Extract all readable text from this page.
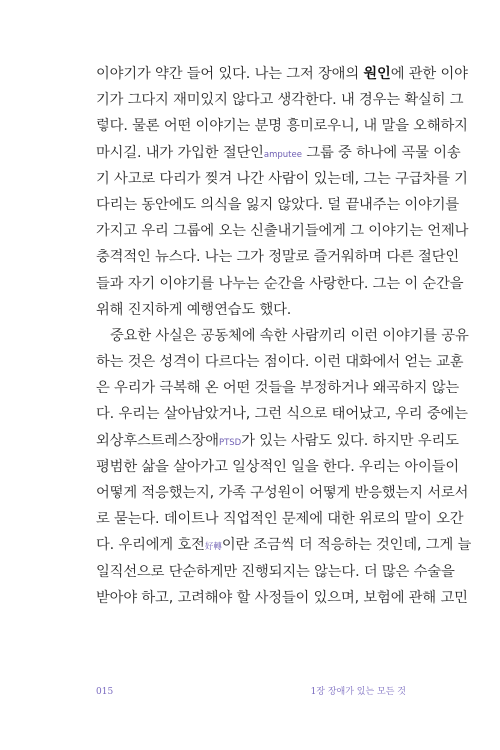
이야기가 약간 들어 있다. 나는 그저 장애의 원인에 관한 이야
기가 그다지 재미있지 않다고 생각한다. 내 경우는 확실히 그
렇다. 물론 어떤 이야기는 분명 흥미로우니, 내 말을 오해하지
마시길. 내가 가입한 절단인amputee 그룹 중 하나에 곡물 이송
기 사고로 다리가 찢겨 나간 사람이 있는데, 그는 구급차를 기
다리는 동안에도 의식을 잃지 않았다. 덜 끝내주는 이야기를
가지고 우리 그룹에 오는 신출내기들에게 그 이야기는 언제나
충격적인 뉴스다. 나는 그가 정말로 즐거워하며 다른 절단인
들과 자기 이야기를 나누는 순간을 사랑한다. 그는 이 순간을
위해 진지하게 예행연습도 했다.
중요한 사실은 공동체에 속한 사람끼리 이런 이야기를 공유
하는 것은 성격이 다르다는 점이다. 이런 대화에서 얻는 교훈
은 우리가 극복해 온 어떤 것들을 부정하거나 왜곡하지 않는
다. 우리는 살아남았거나, 그런 식으로 태어났고, 우리 중에는
외상후스트레스장애PTSD가 있는 사람도 있다. 하지만 우리도
평범한 삶을 살아가고 일상적인 일을 한다. 우리는 아이들이
어떻게 적응했는지, 가족 구성원이 어떻게 반응했는지 서로서
로 묻는다. 데이트나 직업적인 문제에 대한 위로의 말이 오간
다. 우리에게 호전好轉이란 조금씩 더 적응하는 것인데, 그게 늘
일직선으로 단순하게만 진행되지는 않는다. 더 많은 수술을
받아야 하고, 고려해야 할 사정들이 있으며, 보험에 관해 고민
015	1장 장애가 있는 모든 것
